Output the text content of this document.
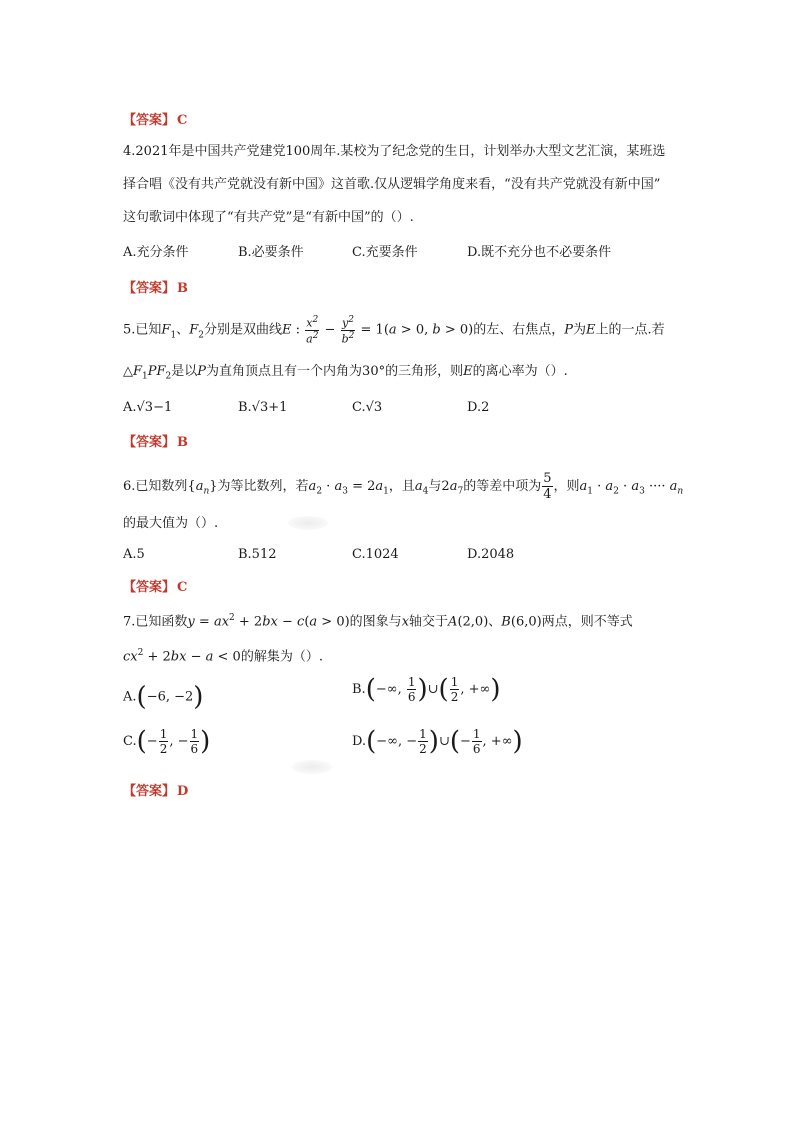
【答案】 C
4.2021年是中国共产党建党100周年.某校为了纪念党的生日，计划举办大型文艺汇演，某班选
择合唱《没有共产党就没有新中国》这首歌.仅从逻辑学角度来看，“没有共产党就没有新中国”
这句歌词中体现了“有共产党”是“有新中国”的（）.
A.充分条件	B.必要条件	C.充要条件	D.既不充分也不必要条件
【答案】 B
5.已知$F_1$、$F_2$分别是双曲线E : $\frac{x^2}{a^2} - \frac{y^2}{b^2} = 1(a > 0$, b > 0)的左、右焦点，P为E上的一点.若
$\triangle F_1PF_2$是以P为直角顶点且有一个内角为30°的三角形，则E的离心率为（）.
A.√3−1	B.√3+1	C.√3	D.2
【答案】 B
6.已知数列$\{a_n\}$为等比数列，若$a_2 \cdot a_3 = 2a_1$，且$a_4$与$2a_7$的等差中项为 $\frac{5}{4}$ ，则$a_1 \cdot a_2 \cdot a_3$ ···· $a_n$
的最大值为（）.
A.5	B.512	C.1024	D.2048
【答案】 C
7.已知函数$y = ax^2 + 2bx - c(a > 0)$的图象与x轴交于A(2,0)、B(6,0)两点，则不等式
$cx^2 + 2bx - a < 0$的解集为（）.
A.(−6, −2)	B.(−∞, $\frac{1}{6}$ )∪( $\frac{1}{2}$ , +∞)
$C.(- \frac{1}{2}$ , − $\frac{1}{6}$ )	D.(−∞, − $\frac{1}{2}$ )∪(− $\frac{1}{6}$ , +∞)
【答案】 D
